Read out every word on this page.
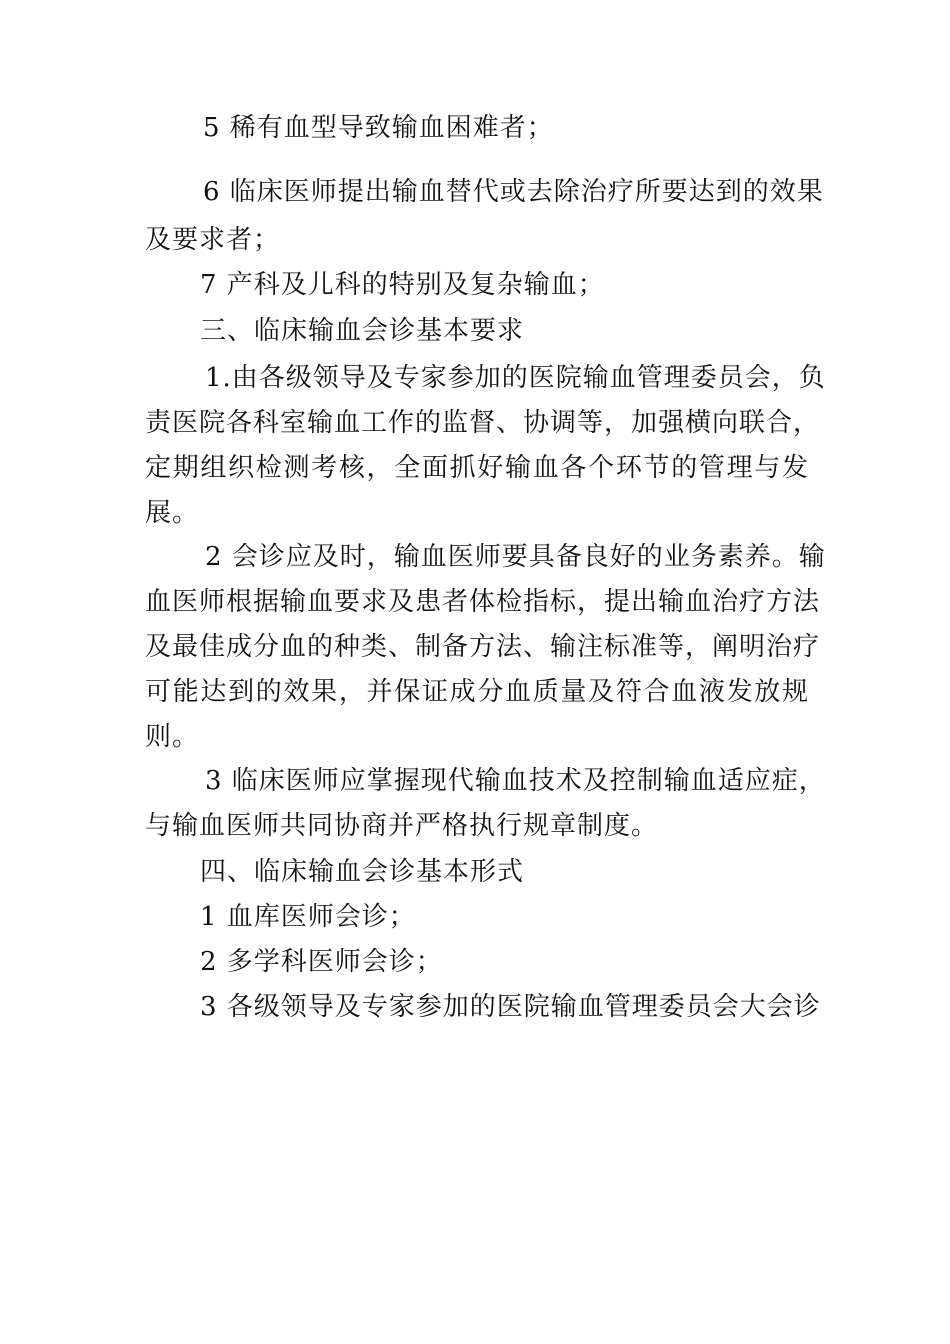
5 稀有血型导致输血困难者；
6 临床医师提出输血替代或去除治疗所要达到的效果
及要求者；
7 产科及儿科的特别及复杂输血；
三、临床输血会诊基本要求
1.由各级领导及专家参加的医院输血管理委员会，负
责医院各科室输血工作的监督、协调等，加强横向联合，
定期组织检测考核，全面抓好输血各个环节的管理与发
展。
2 会诊应及时，输血医师要具备良好的业务素养。输
血医师根据输血要求及患者体检指标，提出输血治疗方法
及最佳成分血的种类、制备方法、输注标准等，阐明治疗
可能达到的效果，并保证成分血质量及符合血液发放规
则。
3 临床医师应掌握现代输血技术及控制输血适应症，
与输血医师共同协商并严格执行规章制度。
四、临床输血会诊基本形式
1 血库医师会诊；
2 多学科医师会诊；
3 各级领导及专家参加的医院输血管理委员会大会诊
